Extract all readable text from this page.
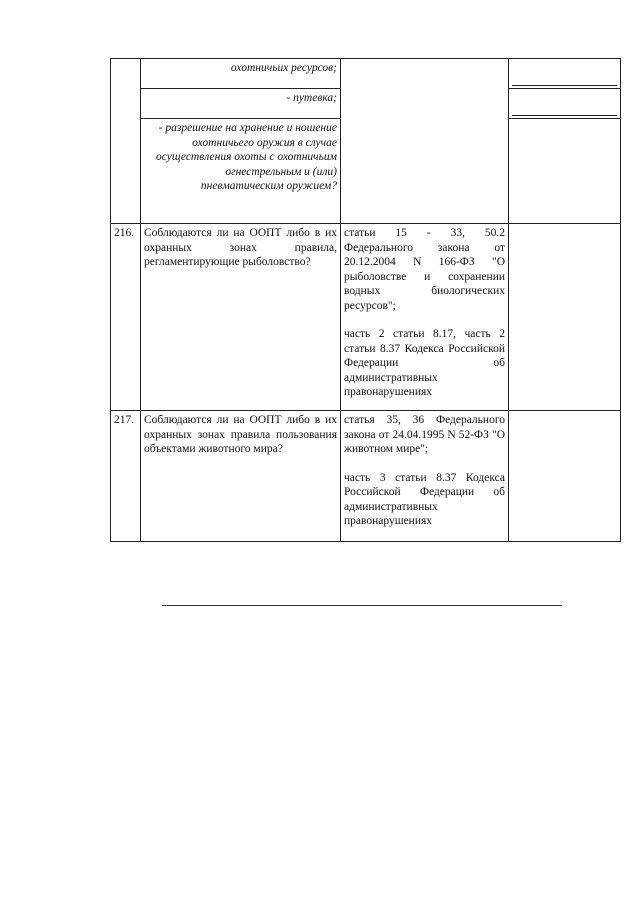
	охотничьих ресурсов;		

	- путевка;		

	- разрешение на хранение и ношение охотничьего оружия в случае осуществления охоты с охотничьим огнестрельным и (или) пневматическим оружием?		
216.	Соблюдаются ли на ООПТ либо в их охранных зонах правила, регламентирующие рыболовство?	статьи 15 - 33, 50.2 Федерального закона от 20.12.2004 N 166-ФЗ "О рыболовстве и сохранении водных биологических ресурсов";

часть 2 статьи 8.17, часть 2 статьи 8.37 Кодекса Российской Федерации об административных правонарушениях	

217.	Соблюдаются ли на ООПТ либо в их охранных зонах правила пользования объектами животного мира?	статья 35, 36 Федерального закона от 24.04.1995 N 52-ФЗ "О животном мире";

часть 3 статьи 8.37 Кодекса Российской Федерации об административных правонарушениях	
